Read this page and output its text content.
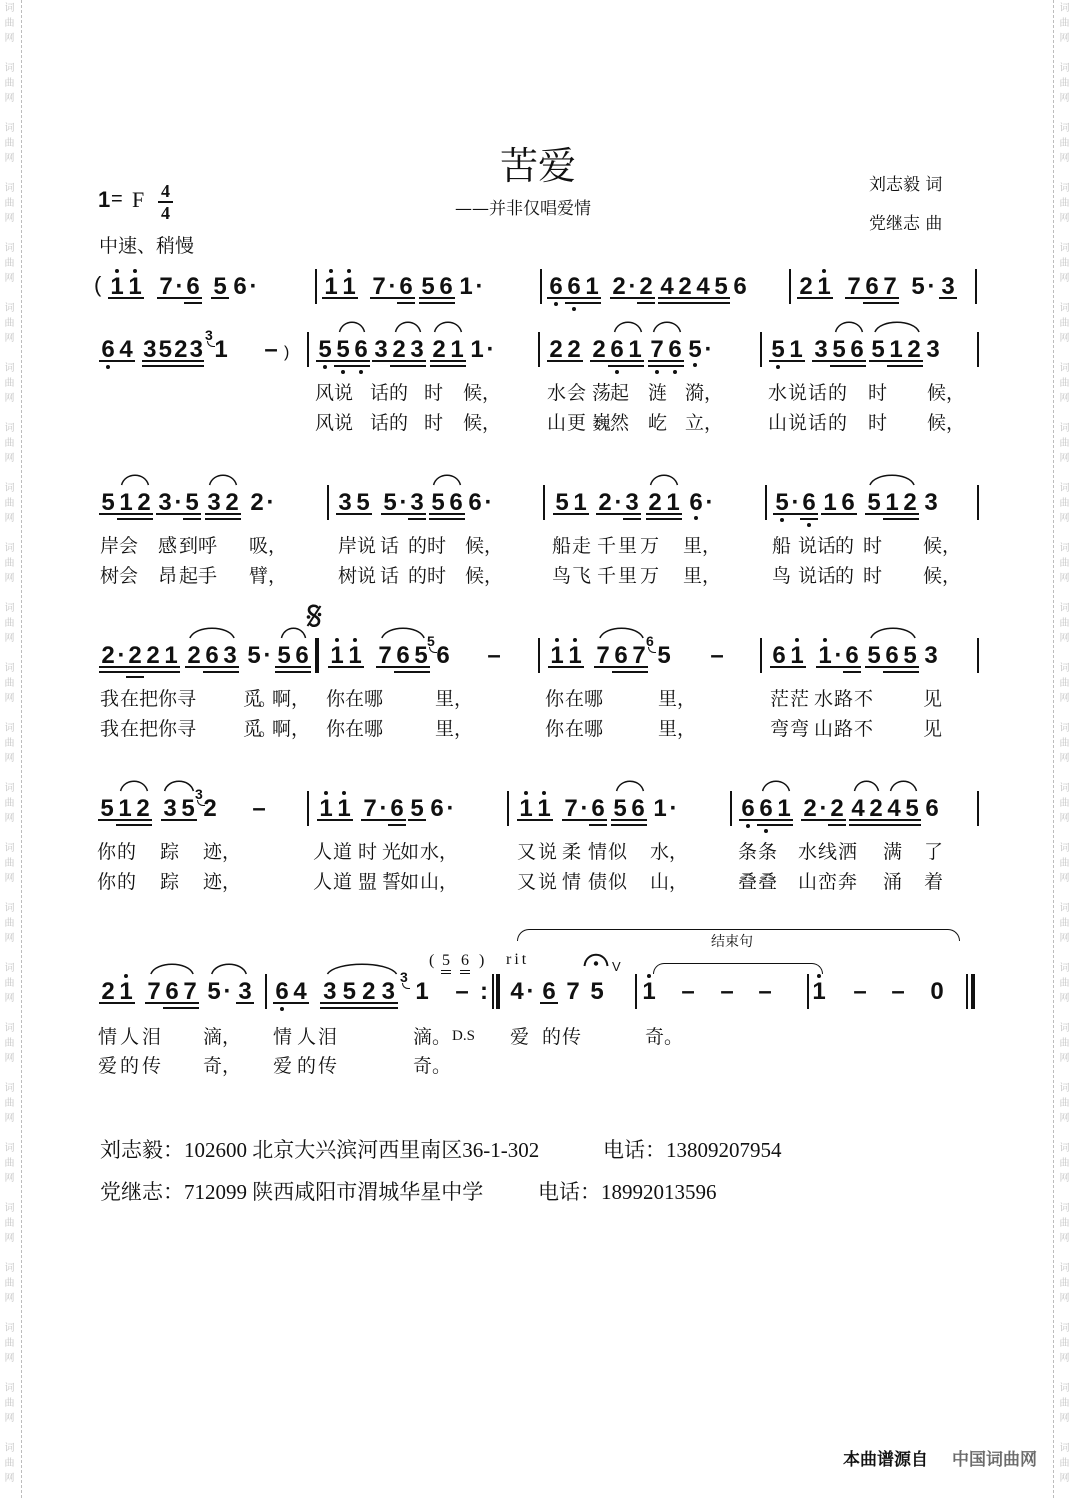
词曲网
词曲网
词曲网
词曲网
词曲网
词曲网
词曲网
词曲网
词曲网
词曲网
词曲网
词曲网
词曲网
词曲网
词曲网
词曲网
词曲网
词曲网
词曲网
词曲网
词曲网
词曲网
词曲网
词曲网
词曲网
词曲网
词曲网
词曲网
词曲网
词曲网
词曲网
词曲网
词曲网
词曲网
词曲网
词曲网
词曲网
词曲网
词曲网
词曲网
词曲网
词曲网
词曲网
词曲网
词曲网
词曲网
词曲网
词曲网
词曲网
词曲网
苦爱
——并非仅唱爱情
1 = F 4
4
中速、稍慢
刘志毅 词
党继志 曲
( 1 1 7 · 6 5 6 ·	1 1 7 · 6 5 6 1 ·	6 6 1 2 · 2 4 2 4 5 6 2 1 7 6 7 5 · 3
6 4 3523
3
1 – ) 5 5 6 3 2 3 2 1 1 · 2 2 2 6 1 7 6 5 · 5 1 3 5 6 5 1 2 3
风 说 话 的 时 候， 水 会 荡
起 涟 漪， 水 说 话 的 时 候，
风 说 话 的 时 候， 山 更 巍
然 屹 立， 山 说 话 的 时 候，
5 1 2 3 · 5 3 2 2 ·	3 5 5 · 3 5 6 6 ·	5 1 2 · 3 2 1 6 ·	5 · 6 1 6 5 1 2 3
岸 会 感 到 呼 吸，	岸 说 话 的 时 候，	船 走 千 里 万 里，	船 说 话
的 时 候，
树 会 昂 起 手 臂，	树 说 话 的 时 候，	鸟 飞 千 里 万 里，	鸟 说 话
的 时 候，
2 · 2 2 1 2 6 3 5 · 5 6 1 1 7 6 5
5
6 – 1 1 7 6 7
6
5 – 6 1 1 · 6 5 6 5 3
我 在 把 你 寻 觅。
啊， 你 在 哪	里，	你 在 哪	里，	茫 茫 水 路 不	见
我 在 把 你 寻 觅。
啊， 你 在 哪	里，	你 在 哪	里，	弯 弯 山 路 不	见
5 1 2 3 5
3
2 – 1 1 7 · 6 5 6 ·	1 1 7 · 6 5 6 1 ·	6 6 1 2 · 2 4 2 4 5 6
你 的 踪 迹，	人 道 时 光
如 水，	又 说 柔 情 似 水，	条 条 水 线 洒 满 了
你 的 踪 迹，	人 道 盟 誓
如 山，	又 说 情 债 似 山，	叠 叠 山 峦 奔 涌 着
结束句
( 5 6 ) rit
2 1 7 6 7 5 · 3 6 4 3 5 2 3
3
1 – : 4 · 6 7 5
V
1 – – – 1 – – 0
情 人 泪 滴， 情 人 泪	滴。 D.S 爱 的 传	奇。
爱 的 传 奇， 爱 的 传	奇。
刘志毅：102600 北京大兴滨河西里南区36-1-302	电话：13809207954
党继志：712099 陕西咸阳市渭城华星中学	电话：18992013596
本曲谱源自 中国词曲网
